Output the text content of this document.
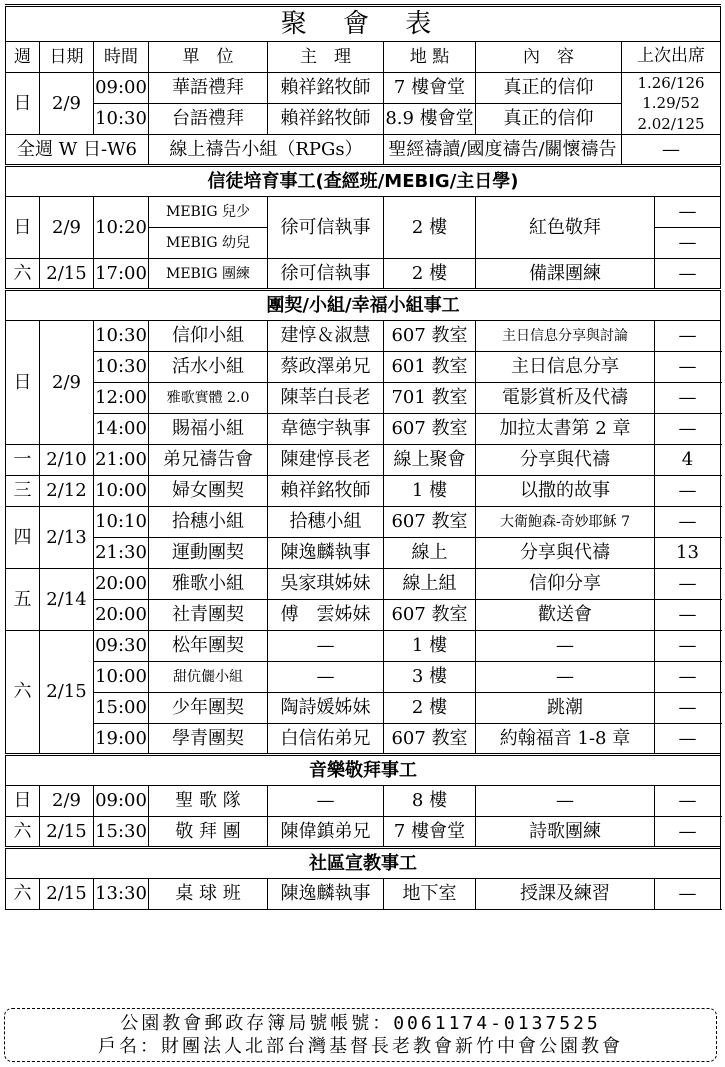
聚 會 表								
週	日期	時間	單　位	主　理	地 點	內　容	上次出席	
日	2/9	09:00	華語禮拜	賴祥銘牧師	7 樓會堂	真正的信仰	1.26/126
1.29/52
2.02/125	

		10:30	台語禮拜	賴祥銘牧師	8.9 樓會堂	真正的信仰		
全週 W 日-W6			線上禱告小組（RPGs）		聖經禱讀/國度禱告/關懷禱告		—	
信徒培育事工(查經班/MEBIG/主日學)								
日	2/9	10:20	MEBIG 兒少	徐可信執事	2 樓	紅色敬拜		—
			MEBIG 幼兒					—
六	2/15	17:00	MEBIG 團練	徐可信執事	2 樓	備課團練		—
團契/小組/幸福小組事工								
日	2/9	10:30	信仰小組	建惇＆淑慧	607 教室	主日信息分享與討論		—
		10:30	活水小組	蔡政澤弟兄	601 教室	主日信息分享		—
		12:00	雅歌實體 2.0	陳莘白長老	701 教室	電影賞析及代禱		—
		14:00	賜福小組	韋德宇執事	607 教室	加拉太書第 2 章		—
一	2/10	21:00	弟兄禱告會	陳建惇長老	線上聚會	分享與代禱		4
三	2/12	10:00	婦女團契	賴祥銘牧師	1 樓	以撒的故事		—
四	2/13	10:10	拾穗小組	拾穗小組	607 教室	大衛鮑森-奇妙耶穌 7		—
		21:30	運動團契	陳逸麟執事	線上	分享與代禱		13
五	2/14	20:00	雅歌小組	吳家琪姊妹	線上組	信仰分享		—
		20:00	社青團契	傅　雲姊妹	607 教室	歡送會		—
六	2/15	09:30	松年團契	—	1 樓	—		—
		10:00	甜伉儷小組	—	3 樓	—		—
		15:00	少年團契	陶詩媛姊妹	2 樓	跳潮		—
		19:00	學青團契	白信佑弟兄	607 教室	約翰福音 1-8 章		—
音樂敬拜事工								
日	2/9	09:00	聖 歌 隊	—	8 樓	—		—
六	2/15	15:30	敬 拜 團	陳偉鎮弟兄	7 樓會堂	詩歌團練		—
社區宣教事工								
六	2/15	13:30	桌 球 班	陳逸麟執事	地下室	授課及練習		—
公園教會郵政存簿局號帳號：0061174-0137525
戶名：財團法人北部台灣基督長老教會新竹中會公園教會
